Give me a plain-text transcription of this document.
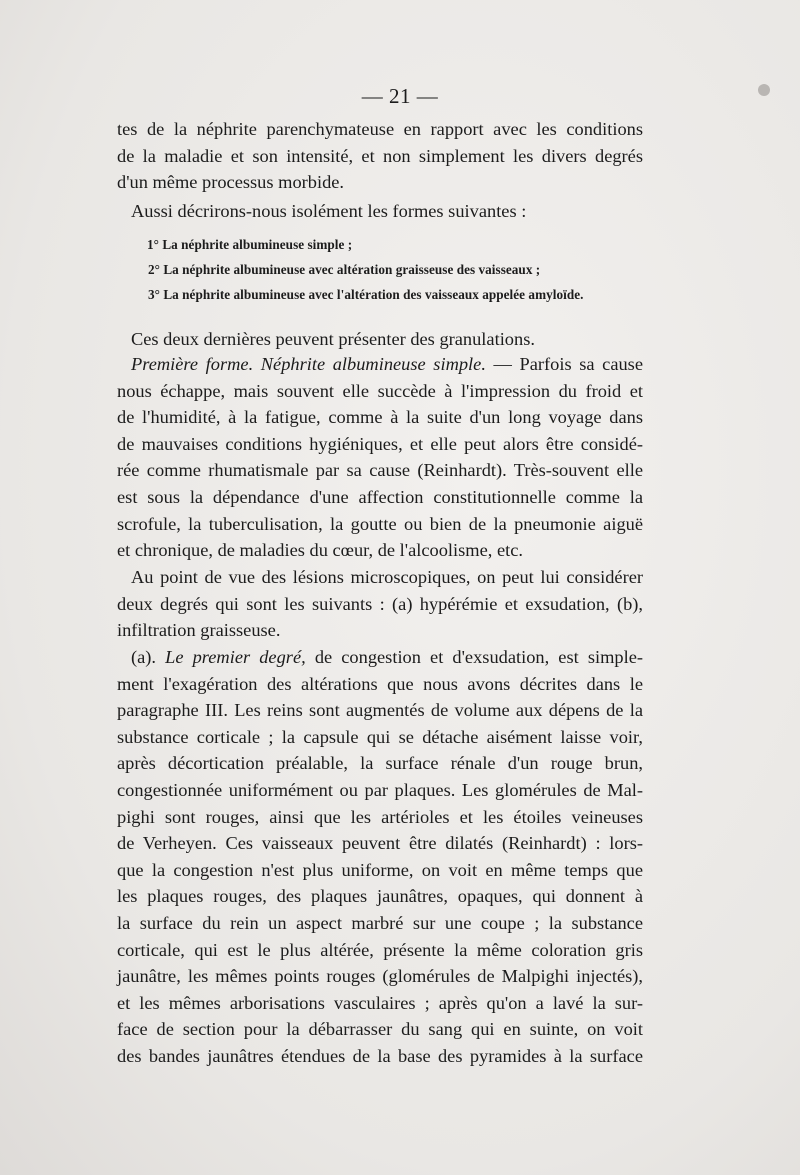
— 21 —
tes de la néphrite parenchymateuse en rapport avec les conditions
de la maladie et son intensité, et non simplement les divers degrés
d'un même processus morbide.
Aussi décrirons-nous isolément les formes suivantes :
1° La néphrite albumineuse simple ;
2° La néphrite albumineuse avec altération graisseuse des vaisseaux ;
3° La néphrite albumineuse avec l'altération des vaisseaux appelée amyloïde.
Ces deux dernières peuvent présenter des granulations.
Première forme. Néphrite albumineuse simple. — Parfois sa cause
nous échappe, mais souvent elle succède à l'impression du froid et
de l'humidité, à la fatigue, comme à la suite d'un long voyage dans
de mauvaises conditions hygiéniques, et elle peut alors être considé-
rée comme rhumatismale par sa cause (Reinhardt). Très-souvent elle
est sous la dépendance d'une affection constitutionnelle comme la
scrofule, la tuberculisation, la goutte ou bien de la pneumonie aiguë
et chronique, de maladies du cœur, de l'alcoolisme, etc.
Au point de vue des lésions microscopiques, on peut lui considérer
deux degrés qui sont les suivants : (a) hypérémie et exsudation, (b),
infiltration graisseuse.
(a). Le premier degré, de congestion et d'exsudation, est simple-
ment l'exagération des altérations que nous avons décrites dans le
paragraphe III. Les reins sont augmentés de volume aux dépens de la
substance corticale ; la capsule qui se détache aisément laisse voir,
après décortication préalable, la surface rénale d'un rouge brun,
congestionnée uniformément ou par plaques. Les glomérules de Mal-
pighi sont rouges, ainsi que les artérioles et les étoiles veineuses
de Verheyen. Ces vaisseaux peuvent être dilatés (Reinhardt) : lors-
que la congestion n'est plus uniforme, on voit en même temps que
les plaques rouges, des plaques jaunâtres, opaques, qui donnent à
la surface du rein un aspect marbré sur une coupe ; la substance
corticale, qui est le plus altérée, présente la même coloration gris
jaunâtre, les mêmes points rouges (glomérules de Malpighi injectés),
et les mêmes arborisations vasculaires ; après qu'on a lavé la sur-
face de section pour la débarrasser du sang qui en suinte, on voit
des bandes jaunâtres étendues de la base des pyramides à la surface
